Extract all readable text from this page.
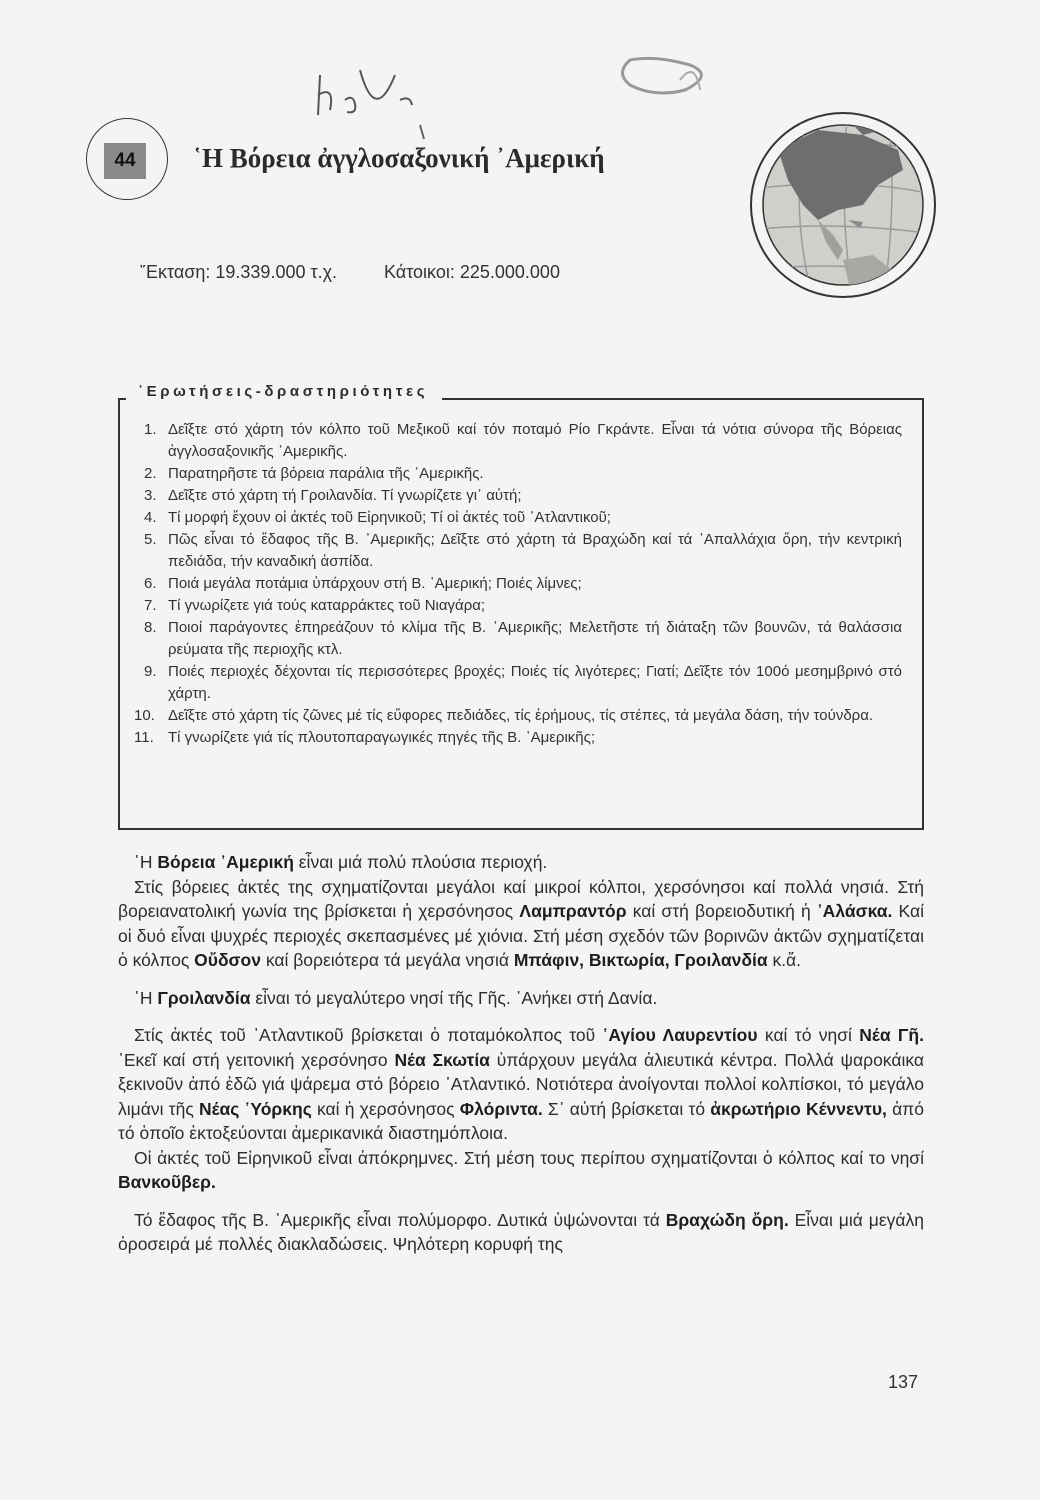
44	῾Η Βόρεια ἀγγλοσαξονική ᾿Αμερική
῎Εκταση: 19.339.000 τ.χ.	Κάτοικοι: 225.000.000
᾿Ερωτήσεις-δραστηριότητες
1. Δεῖξτε στό χάρτη τόν κόλπο τοῦ Μεξικοῦ καί τόν ποταμό Ρίο Γκράντε. Εἶναι τά νότια σύνορα τῆς Βόρειας ἀγγλοσαξονικῆς ᾿Αμερικῆς.
2. Παρατηρῆστε τά βόρεια παράλια τῆς ᾿Αμερικῆς.
3. Δεῖξτε στό χάρτη τή Γροιλανδία. Τί γνωρίζετε γι᾿ αὐτή;
4. Τί μορφή ἔχουν οἱ ἀκτές τοῦ Εἰρηνικοῦ; Τί οἱ ἀκτές τοῦ ᾿Ατλαντικοῦ;
5. Πῶς εἶναι τό ἔδαφος τῆς Β. ᾿Αμερικῆς; Δεῖξτε στό χάρτη τά Βραχώδη καί τά ᾿Απαλλάχια ὄρη, τήν κεντρική πεδιάδα, τήν καναδική ἀσπίδα.
6. Ποιά μεγάλα ποτάμια ὑπάρχουν στή Β. ᾿Αμερική; Ποιές λίμνες;
7. Τί γνωρίζετε γιά τούς καταρράκτες τοῦ Νιαγάρα;
8. Ποιοί παράγοντες ἐπηρεάζουν τό κλίμα τῆς Β. ᾿Αμερικῆς; Μελετῆστε τή διάταξη τῶν βουνῶν, τά θαλάσσια ρεύματα τῆς περιοχῆς κτλ.
9. Ποιές περιοχές δέχονται τίς περισσότερες βροχές; Ποιές τίς λιγότερες; Γιατί; Δεῖξτε τόν 100ό μεσημβρινό στό χάρτη.
10. Δεῖξτε στό χάρτη τίς ζῶνες μέ τίς εὔφορες πεδιάδες, τίς ἐρήμους, τίς στέπες, τά μεγάλα δάση, τήν τούνδρα.
11. Τί γνωρίζετε γιά τίς πλουτοπαραγωγικές πηγές τῆς Β. ᾿Αμερικῆς;

῾Η Βόρεια ᾿Αμερική εἶναι μιά πολύ πλούσια περιοχή.

Στίς βόρειες ἀκτές της σχηματίζονται μεγάλοι καί μικροί κόλποι, χερσόνησοι καί πολλά νησιά. Στή βορειανατολική γωνία της βρίσκεται ἡ χερσόνησος Λαμπραντόρ καί στή βορειοδυτική ἡ ᾿Αλάσκα. Καί οἱ δυό εἶναι ψυχρές περιοχές σκεπασμένες μέ χιόνια. Στή μέση σχεδόν τῶν βορινῶν ἀκτῶν σχηματίζεται ὁ κόλπος Οὔδσον καί βορειότερα τά μεγάλα νησιά Μπάφιν, Βικτωρία, Γροιλανδία κ.ἄ.

῾Η Γροιλανδία εἶναι τό μεγαλύτερο νησί τῆς Γῆς. ᾿Ανήκει στή Δανία.

Στίς ἀκτές τοῦ ᾿Ατλαντικοῦ βρίσκεται ὁ ποταμόκολπος τοῦ ῾Αγίου Λαυρεντίου καί τό νησί Νέα Γῆ. ᾿Εκεῖ καί στή γειτονική χερσόνησο Νέα Σκωτία ὑπάρχουν μεγάλα ἀλιευτικά κέντρα. Πολλά ψαροκάικα ξεκινοῦν ἀπό ἐδῶ γιά ψάρεμα στό βόρειο ᾿Ατλαντικό. Νοτιότερα ἀνοίγονται πολλοί κολπίσκοι, τό μεγάλο λιμάνι τῆς Νέας ῾Υόρκης καί ἡ χερσόνησος Φλόριντα. Σ᾿ αὐτή βρίσκεται τό ἀκρωτήριο Κέννεντυ, ἀπό τό ὁποῖο ἐκτοξεύονται ἀμερικανικά διαστημόπλοια.

Οἱ ἀκτές τοῦ Εἰρηνικοῦ εἶναι ἀπόκρημνες. Στή μέση τους περίπου σχηματίζονται ὁ κόλπος καί το νησί Βανκοῦβερ.

Τό ἔδαφος τῆς Β. ᾿Αμερικῆς εἶναι πολύμορφο. Δυτικά ὑψώνονται τά Βραχώδη ὄρη. Εἶναι μιά μεγάλη ὀροσειρά μέ πολλές διακλαδώσεις. Ψηλότερη κορυφή της

137
